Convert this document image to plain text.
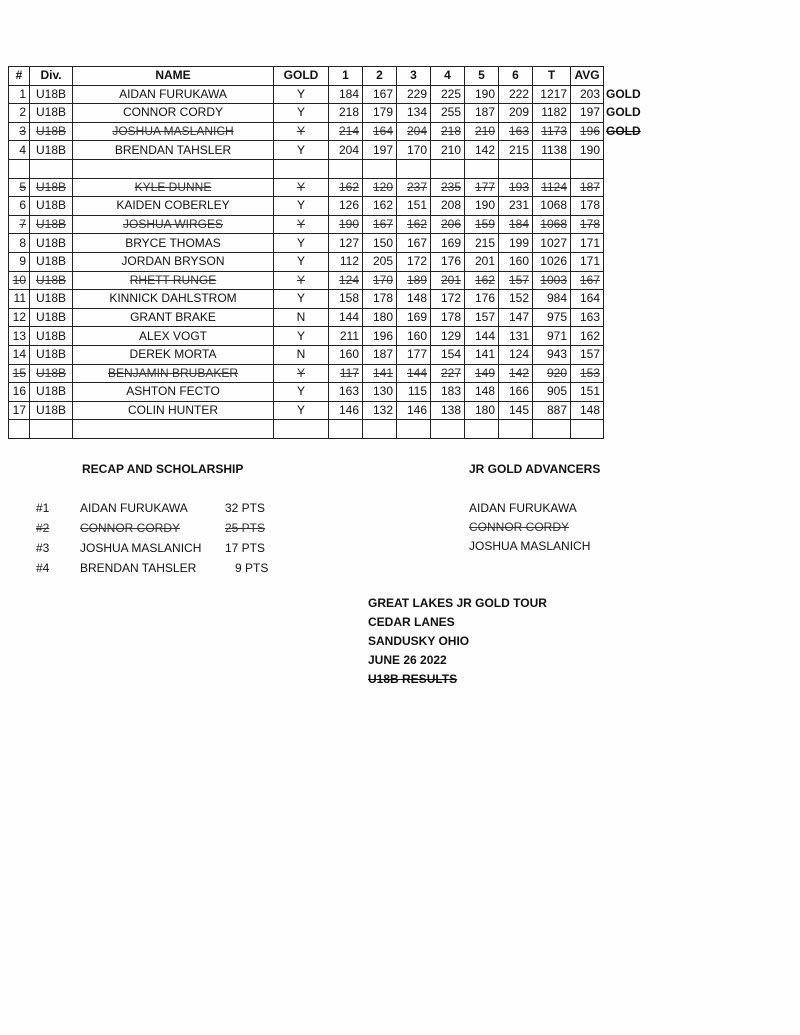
#	Div.	NAME	GOLD	1	2	3	4	5	6	T	AVG	
1	U18B	AIDAN FURUKAWA	Y	184	167	229	225	190	222	1217	203	GOLD
2	U18B	CONNOR CORDY	Y	218	179	134	255	187	209	1182	197	GOLD
3	U18B	JOSHUA MASLANICH	Y	214	164	204	218	210	163	1173	196	GOLD
4	U18B	BRENDAN TAHSLER	Y	204	197	170	210	142	215	1138	190	

5	U18B	KYLE DUNNE	Y	162	120	237	235	177	193	1124	187	
6	U18B	KAIDEN COBERLEY	Y	126	162	151	208	190	231	1068	178	
7	U18B	JOSHUA WIRGES	Y	190	167	162	206	159	184	1068	178	
8	U18B	BRYCE THOMAS	Y	127	150	167	169	215	199	1027	171	
9	U18B	JORDAN BRYSON	Y	112	205	172	176	201	160	1026	171	
10	U18B	RHETT RUNGE	Y	124	170	189	201	162	157	1003	167	
11	U18B	KINNICK DAHLSTROM	Y	158	178	148	172	176	152	984	164	
12	U18B	GRANT BRAKE	N	144	180	169	178	157	147	975	163	
13	U18B	ALEX VOGT	Y	211	196	160	129	144	131	971	162	
14	U18B	DEREK MORTA	N	160	187	177	154	141	124	943	157	
15	U18B	BENJAMIN BRUBAKER	Y	117	141	144	227	149	142	920	153	
16	U18B	ASHTON FECTO	Y	163	130	115	183	148	166	905	151	
17	U18B	COLIN HUNTER	Y	146	132	146	138	180	145	887	148	

RECAP AND SCHOLARSHIP
#1	AIDAN FURUKAWA	32 PTS
#2	CONNOR CORDY	25 PTS
#3	JOSHUA MASLANICH 17 PTS
#4	BRENDAN TAHSLER	9 PTS
JR GOLD ADVANCERS
AIDAN FURUKAWA
CONNOR CORDY
JOSHUA MASLANICH
GREAT LAKES JR GOLD TOUR
CEDAR LANES
SANDUSKY OHIO
JUNE 26 2022
U18B RESULTS
